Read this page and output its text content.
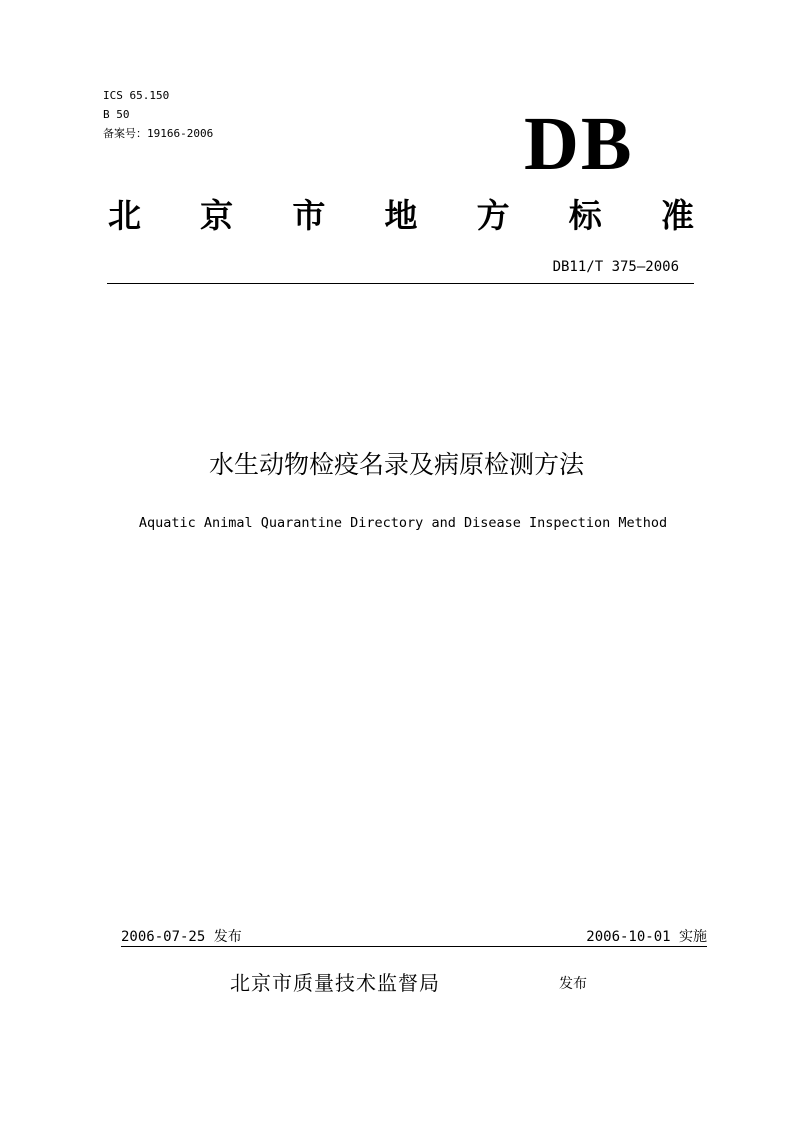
ICS 65.150
B 50
备案号：19166-2006	DB
北 京 市 地 方 标 准
DB11/T 375—2006
水生动物检疫名录及病原检测方法
Aquatic Animal Quarantine Directory and Disease Inspection Method
2006-07-25 发布	2006-10-01 实施
北京市质量技术监督局	发布
